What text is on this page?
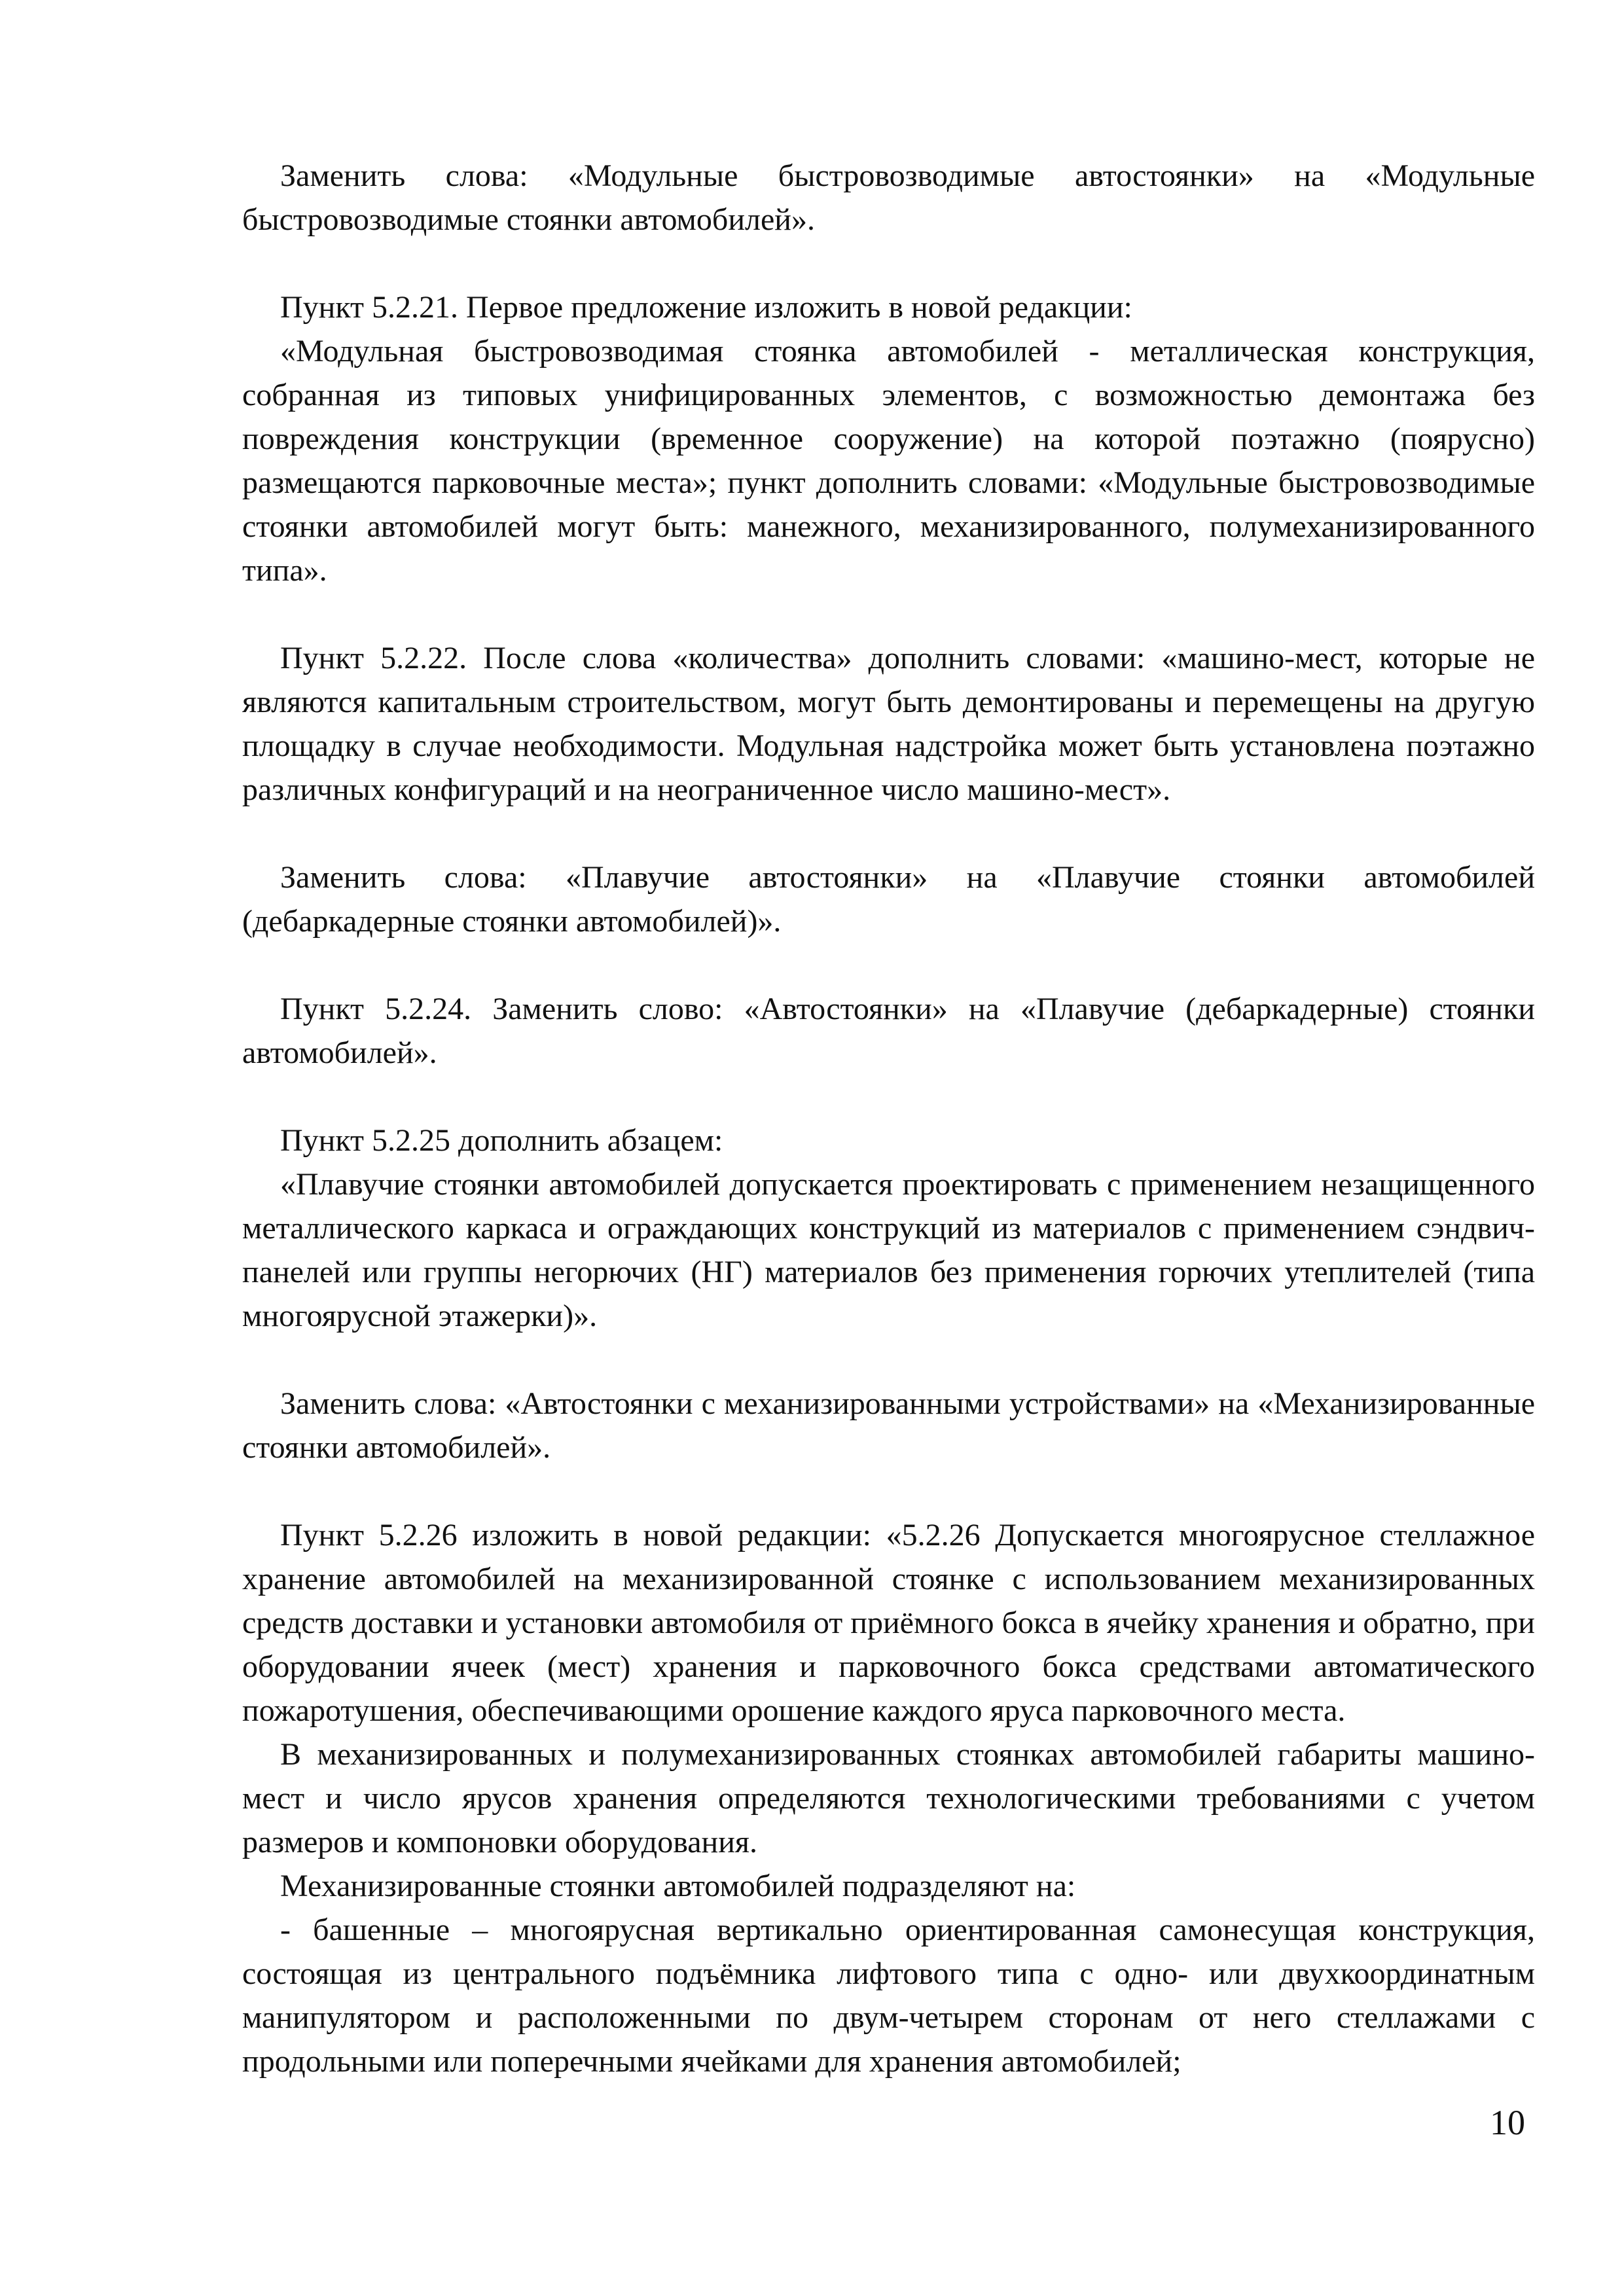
Заменить слова: «Модульные быстровозводимые автостоянки» на «Модульные быстровозводимые стоянки автомобилей».

Пункт 5.2.21. Первое предложение изложить в новой редакции:

«Модульная быстровозводимая стоянка автомобилей - металлическая конструкция, собранная из типовых унифицированных элементов, с возможностью демонтажа без повреждения конструкции (временное сооружение) на которой поэтажно (поярусно) размещаются парковочные места»; пункт дополнить словами: «Модульные быстровозводимые стоянки автомобилей могут быть: манежного, механизированного, полумеханизированного типа».

Пункт 5.2.22. После слова «количества» дополнить словами: «машино-мест, которые не являются капитальным строительством, могут быть демонтированы и перемещены на другую площадку в случае необходимости. Модульная надстройка может быть установлена поэтажно различных конфигураций и на неограниченное число машино-мест».

Заменить слова: «Плавучие автостоянки» на «Плавучие стоянки автомобилей (дебаркадерные стоянки автомобилей)».

Пункт 5.2.24. Заменить слово: «Автостоянки» на «Плавучие (дебаркадерные) стоянки автомобилей».

Пункт 5.2.25 дополнить абзацем:

«Плавучие стоянки автомобилей допускается проектировать с применением незащищенного металлического каркаса и ограждающих конструкций из материалов с применением сэндвич-панелей или группы негорючих (НГ) материалов без применения горючих утеплителей (типа многоярусной этажерки)».

Заменить слова: «Автостоянки с механизированными устройствами» на «Механизированные стоянки автомобилей».

Пункт 5.2.26 изложить в новой редакции: «5.2.26 Допускается многоярусное стеллажное хранение автомобилей на механизированной стоянке с использованием механизированных средств доставки и установки автомобиля от приёмного бокса в ячейку хранения и обратно, при оборудовании ячеек (мест) хранения и парковочного бокса средствами автоматического пожаротушения, обеспечивающими орошение каждого яруса парковочного места.

В механизированных и полумеханизированных стоянках автомобилей габариты машино-мест и число ярусов хранения определяются технологическими требованиями с учетом размеров и компоновки оборудования.

Механизированные стоянки автомобилей подразделяют на:

- башенные – многоярусная вертикально ориентированная самонесущая конструкция, состоящая из центрального подъёмника лифтового типа с одно- или двухкоординатным манипулятором и расположенными по двум-четырем сторонам от него стеллажами с продольными или поперечными ячейками для хранения автомобилей;

10
